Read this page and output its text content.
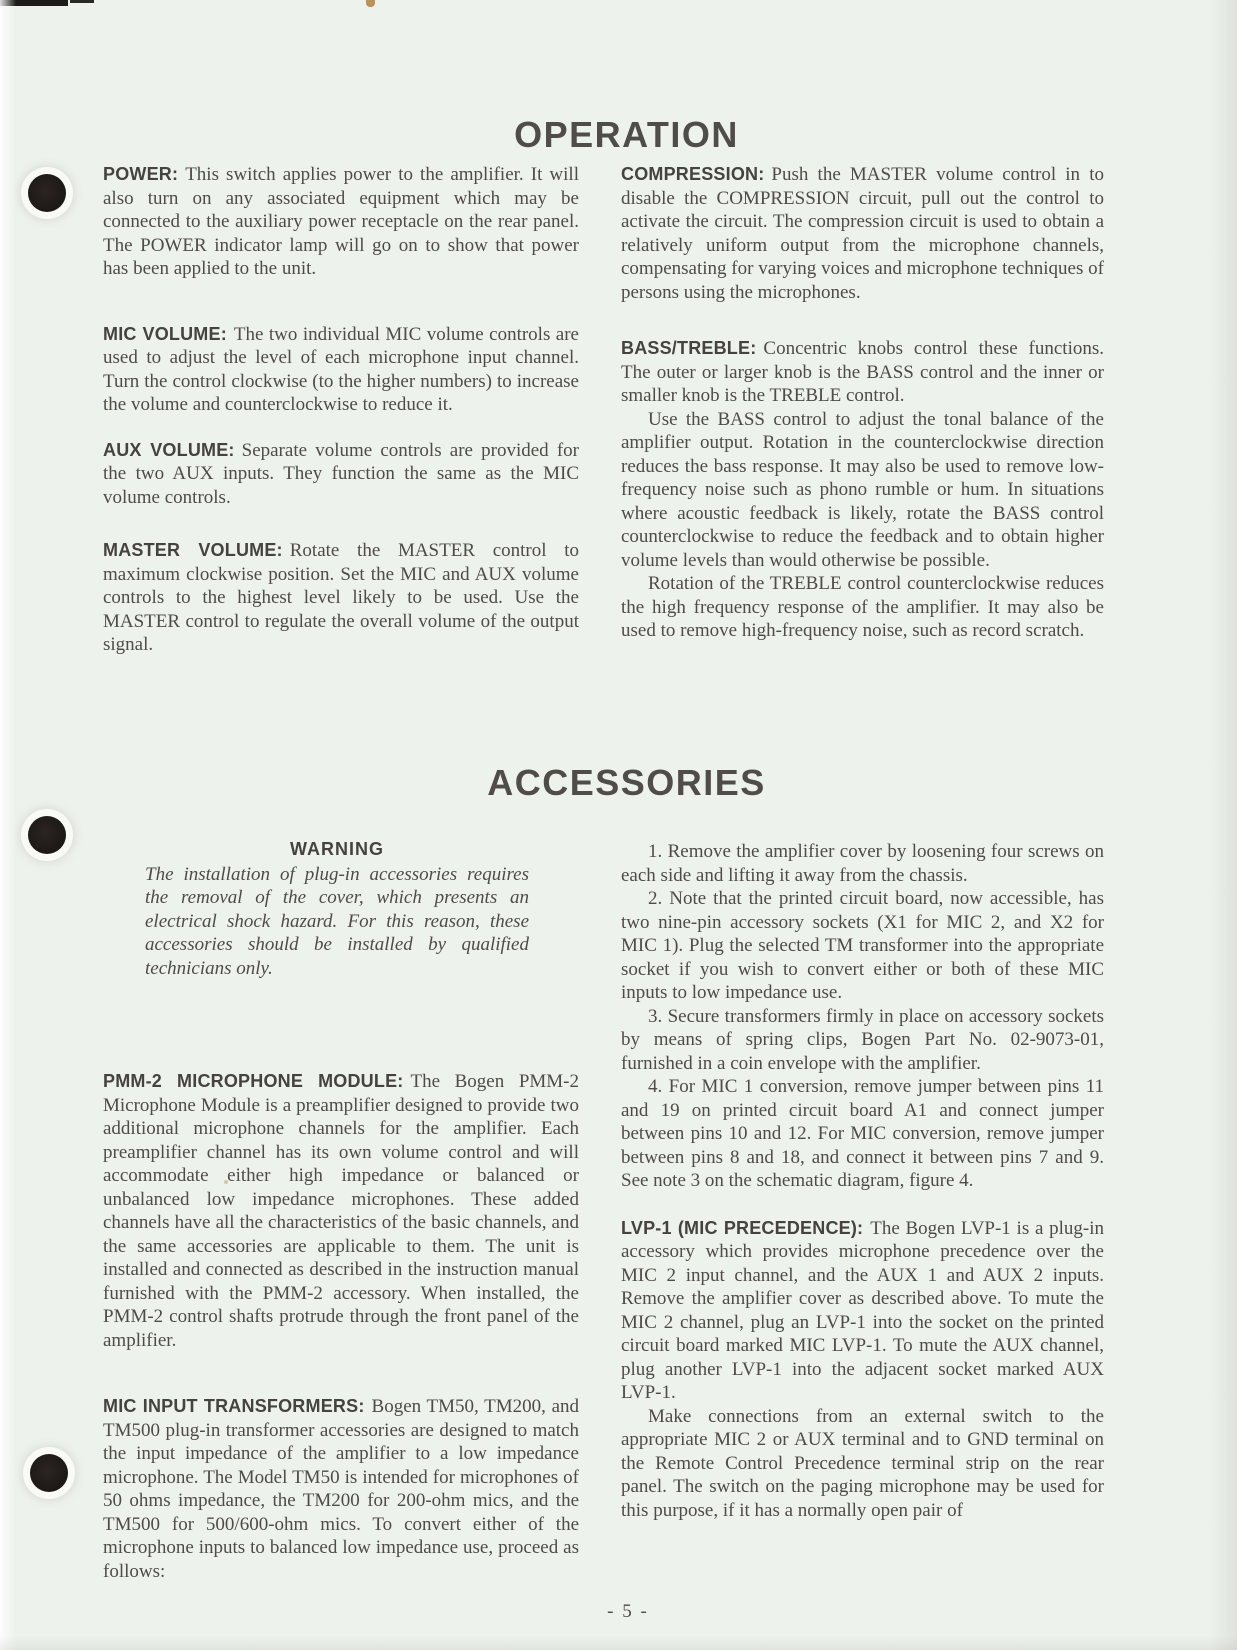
OPERATION

POWER: This switch applies power to the amplifier. It will also turn on any associated equipment which may be connected to the auxiliary power receptacle on the rear panel. The POWER indicator lamp will go on to show that power has been applied to the unit.

MIC VOLUME: The two individual MIC volume controls are used to adjust the level of each microphone input channel. Turn the control clockwise (to the higher numbers) to increase the volume and counterclockwise to reduce it.

AUX VOLUME: Separate volume controls are provided for the two AUX inputs. They function the same as the MIC volume controls.

MASTER VOLUME: Rotate the MASTER control to maximum clockwise position. Set the MIC and AUX volume controls to the highest level likely to be used. Use the MASTER control to regulate the overall volume of the output signal.

COMPRESSION: Push the MASTER volume control in to disable the COMPRESSION circuit, pull out the control to activate the circuit. The compression circuit is used to obtain a relatively uniform output from the microphone channels, compensating for varying voices and microphone techniques of persons using the microphones.

BASS/TREBLE: Concentric knobs control these functions. The outer or larger knob is the BASS control and the inner or smaller knob is the TREBLE control.

Use the BASS control to adjust the tonal balance of the amplifier output. Rotation in the counterclockwise direction reduces the bass response. It may also be used to remove low-frequency noise such as phono rumble or hum. In situations where acoustic feedback is likely, rotate the BASS control counterclockwise to reduce the feedback and to obtain higher volume levels than would otherwise be possible.

Rotation of the TREBLE control counterclockwise reduces the high frequency response of the amplifier. It may also be used to remove high-frequency noise, such as record scratch.

ACCESSORIES
WARNING

The installation of plug-in accessories requires the removal of the cover, which presents an electrical shock hazard. For this reason, these accessories should be installed by qualified technicians only.

PMM-2 MICROPHONE MODULE: The Bogen PMM-2 Microphone Module is a preamplifier designed to provide two additional microphone channels for the amplifier. Each preamplifier channel has its own volume control and will accommodate either high impedance or balanced or unbalanced low impedance microphones. These added channels have all the characteristics of the basic channels, and the same accessories are applicable to them. The unit is installed and connected as described in the instruction manual furnished with the PMM-2 accessory. When installed, the PMM-2 control shafts protrude through the front panel of the amplifier.

MIC INPUT TRANSFORMERS: Bogen TM50, TM200, and TM500 plug-in transformer accessories are designed to match the input impedance of the amplifier to a low impedance microphone. The Model TM50 is intended for microphones of 50 ohms impedance, the TM200 for 200-ohm mics, and the TM500 for 500/600-ohm mics. To convert either of the microphone inputs to balanced low impedance use, proceed as follows:

1. Remove the amplifier cover by loosening four screws on each side and lifting it away from the chassis.

2. Note that the printed circuit board, now accessible, has two nine-pin accessory sockets (X1 for MIC 2, and X2 for MIC 1). Plug the selected TM transformer into the appropriate socket if you wish to convert either or both of these MIC inputs to low impedance use.

3. Secure transformers firmly in place on accessory sockets by means of spring clips, Bogen Part No. 02-9073-01, furnished in a coin envelope with the amplifier.

4. For MIC 1 conversion, remove jumper between pins 11 and 19 on printed circuit board A1 and connect jumper between pins 10 and 12. For MIC conversion, remove jumper between pins 8 and 18, and connect it between pins 7 and 9. See note 3 on the schematic diagram, figure 4.

LVP-1 (MIC PRECEDENCE): The Bogen LVP-1 is a plug-in accessory which provides microphone precedence over the MIC 2 input channel, and the AUX 1 and AUX 2 inputs. Remove the amplifier cover as described above. To mute the MIC 2 channel, plug an LVP-1 into the socket on the printed circuit board marked MIC LVP-1. To mute the AUX channel, plug another LVP-1 into the adjacent socket marked AUX LVP-1.

Make connections from an external switch to the appropriate MIC 2 or AUX terminal and to GND terminal on the Remote Control Precedence terminal strip on the rear panel. The switch on the paging microphone may be used for this purpose, if it has a normally open pair of

- 5 -
